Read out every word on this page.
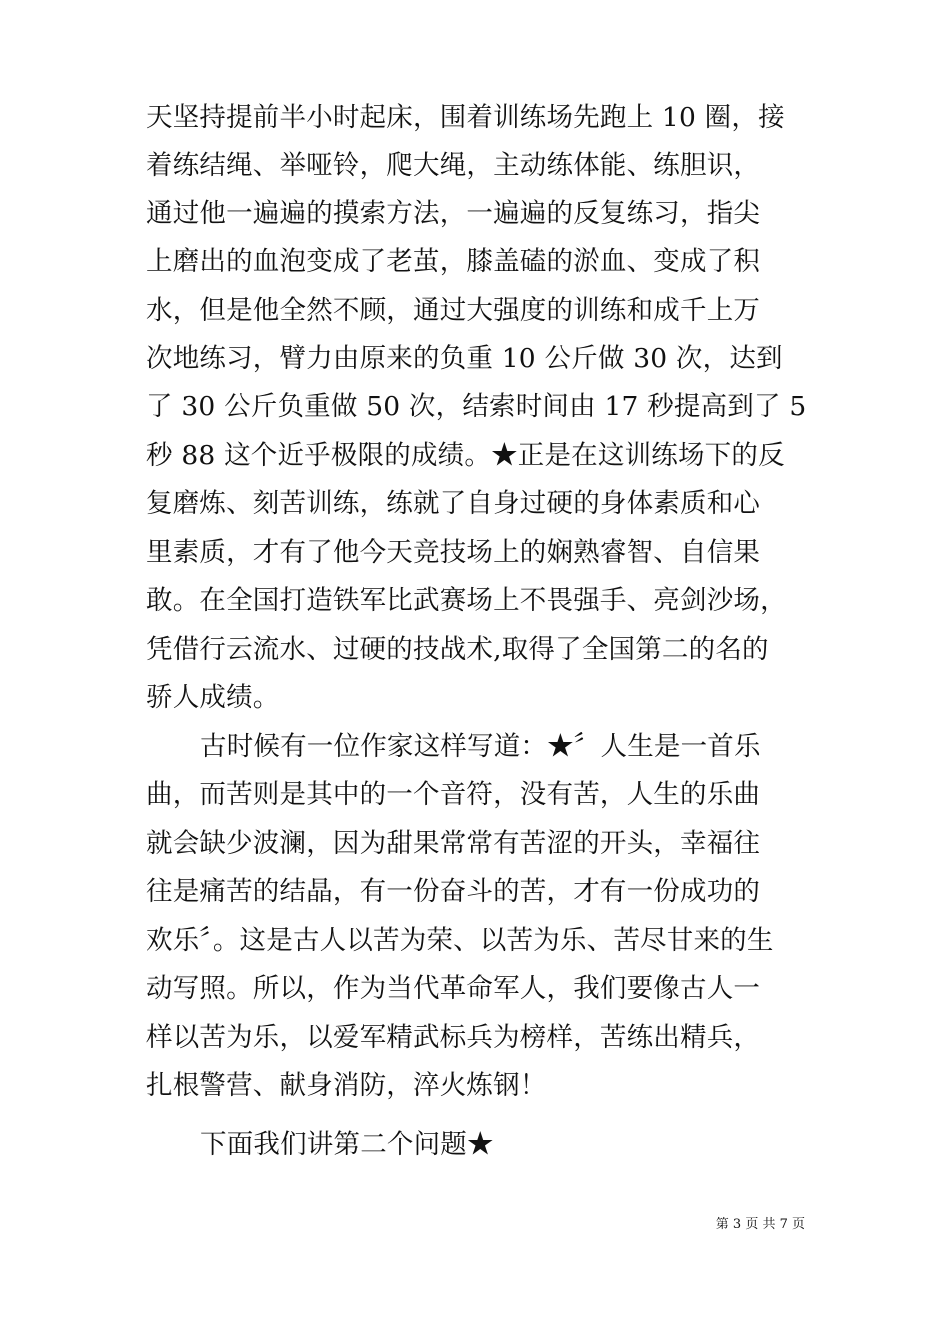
天坚持提前半小时起床，围着训练场先跑上 10 圈，接
着练结绳、举哑铃，爬大绳，主动练体能、练胆识，
通过他一遍遍的摸索方法，一遍遍的反复练习，指尖
上磨出的血泡变成了老茧，膝盖磕的淤血、变成了积
水，但是他全然不顾，通过大强度的训练和成千上万
次地练习，臂力由原来的负重 10 公斤做 30 次，达到
了 30 公斤负重做 50 次，结索时间由 17 秒提高到了 5
秒 88 这个近乎极限的成绩。★正是在这训练场下的反
复磨炼、刻苦训练，练就了自身过硬的身体素质和心
里素质，才有了他今天竞技场上的娴熟睿智、自信果
敢。在全国打造铁军比武赛场上不畏强手、亮剑沙场，
凭借行云流水、过硬的技战术,取得了全国第二的名的
骄人成绩。
古时候有一位作家这样写道：★〞人生是一首乐
曲，而苦则是其中的一个音符，没有苦，人生的乐曲
就会缺少波澜，因为甜果常常有苦涩的开头，幸福往
往是痛苦的结晶，有一份奋斗的苦，才有一份成功的
欢乐〞。这是古人以苦为荣、以苦为乐、苦尽甘来的生
动写照。所以，作为当代革命军人，我们要像古人一
样以苦为乐，以爱军精武标兵为榜样，苦练出精兵，
扎根警营、献身消防，淬火炼钢！
下面我们讲第二个问题★
第 3 页 共 7 页
